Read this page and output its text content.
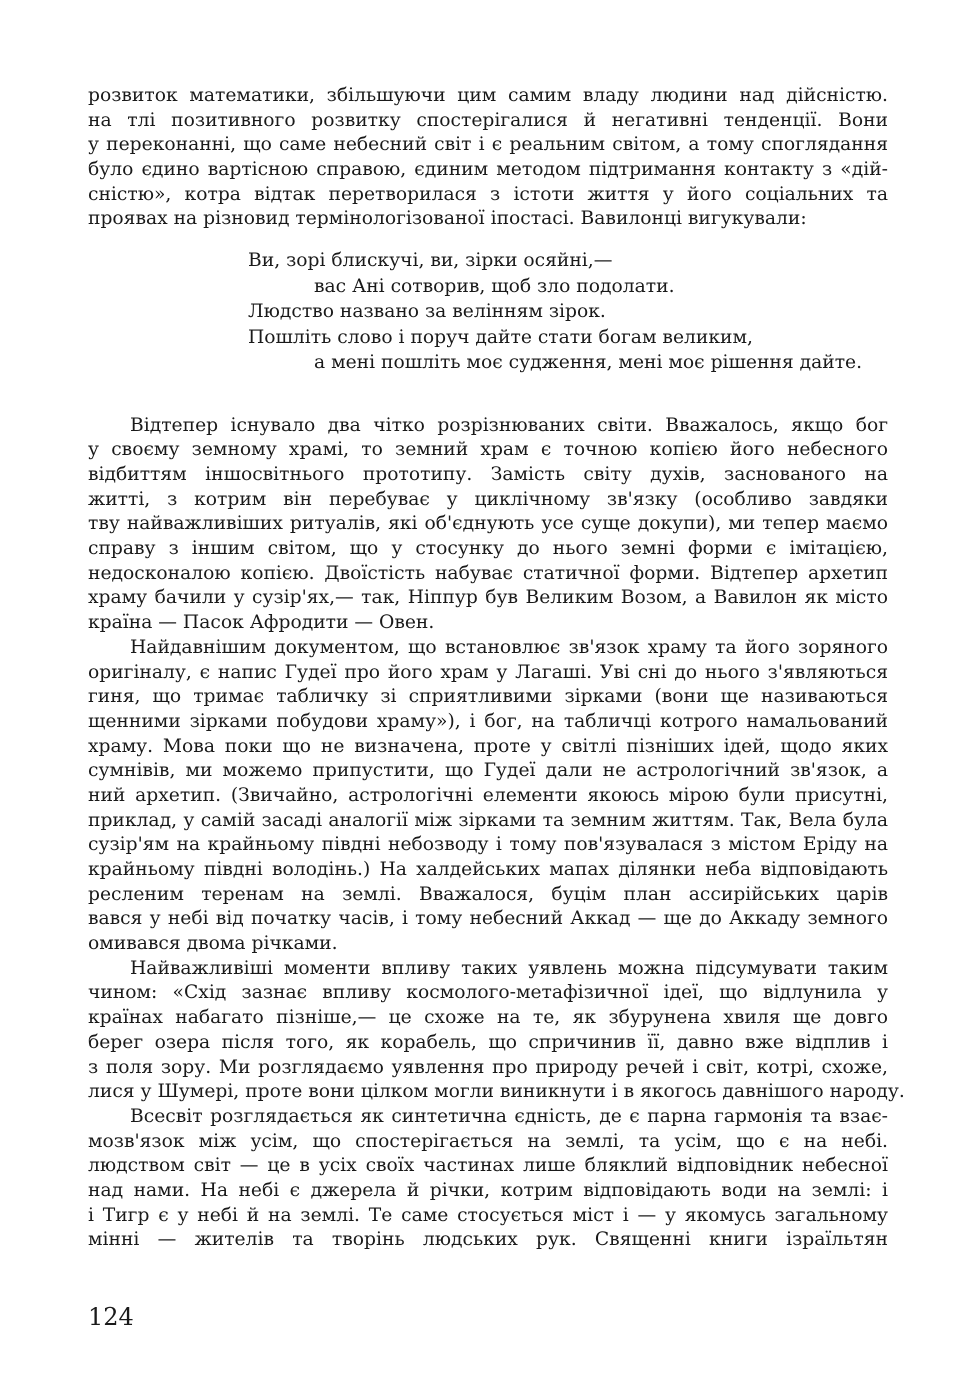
розвиток математики, збільшуючи цим самим владу людини над дійсністю.
на тлі позитивного розвитку спостерігалися й негативні тенденції. Вони
у переконанні, що саме небесний світ і є реальним світом, а тому споглядання
було єдино вартісною справою, єдиним методом підтримання контакту з «дій-
сністю», котра відтак перетворилася з істоти життя у його соціальних та
проявах на різновид термінологізованої іпостасі. Вавилонці вигукували:
Ви, зорі блискучі, ви, зірки осяйні,—
вас Ані сотворив, щоб зло подолати.
Людство названо за велінням зірок.
Пошліть слово і поруч дайте стати богам великим,
а мені пошліть моє судження, мені моє рішення дайте.
Відтепер існувало два чітко розрізнюваних світи. Вважалось, якщо бог
у своєму земному храмі, то земний храм є точною копією його небесного
відбиттям іншосвітнього прототипу. Замість світу духів, заснованого на
житті, з котрим він перебуває у циклічному зв'язку (особливо завдяки
тву найважливіших ритуалів, які об'єднують усе суще докупи), ми тепер маємо
справу з іншим світом, що у стосунку до нього земні форми є імітацією,
недосконалою копією. Двоїстість набуває статичної форми. Відтепер архетип
храму бачили у сузір'ях,— так, Ніппур був Великим Возом, а Вавилон як місто
країна — Пасок Афродити — Овен.
Найдавнішим документом, що встановлює зв'язок храму та його зоряного
оригіналу, є напис Гудеї про його храм у Лагаші. Уві сні до нього з'являються
гиня, що тримає табличку зі сприятливими зірками (вони ще називаються
щенними зірками побудови храму»), і бог, на табличці котрого намальований
храму. Мова поки що не визначена, проте у світлі пізніших ідей, щодо яких
сумнівів, ми можемо припустити, що Гудеї дали не астрологічний зв'язок, а
ний архетип. (Звичайно, астрологічні елементи якоюсь мірою були присутні,
приклад, у самій засаді аналогії між зірками та земним життям. Так, Вела була
сузір'ям на крайньому півдні небозводу і тому пов'язувалася з містом Еріду на
крайньому півдні володінь.) На халдейських мапах ділянки неба відповідають
ресленим теренам на землі. Вважалося, буцім план ассирійських царів
вався у небі від початку часів, і тому небесний Аккад — ще до Аккаду земного
омивався двома річками.
Найважливіші моменти впливу таких уявлень можна підсумувати таким
чином: «Схід зазнає впливу космолого-метафізичної ідеї, що відлунила у
країнах набагато пізніше,— це схоже на те, як збурунена хвиля ще довго
берег озера після того, як корабель, що спричинив її, давно вже відплив і
з поля зору. Ми розглядаємо уявлення про природу речей і світ, котрі, схоже,
лися у Шумері, проте вони цілком могли виникнути і в якогось давнішого народу.
Всесвіт розглядається як синтетична єдність, де є парна гармонія та взає-
мозв'язок між усім, що спостерігається на землі, та усім, що є на небі.
людством світ — це в усіх своїх частинах лише бляклий відповідник небесної
над нами. На небі є джерела й річки, котрим відповідають води на землі: і
і Тигр є у небі й на землі. Те саме стосується міст і — у якомусь загальному
мінні — жителів та творінь людських рук. Священні книги ізраїльтян
124
